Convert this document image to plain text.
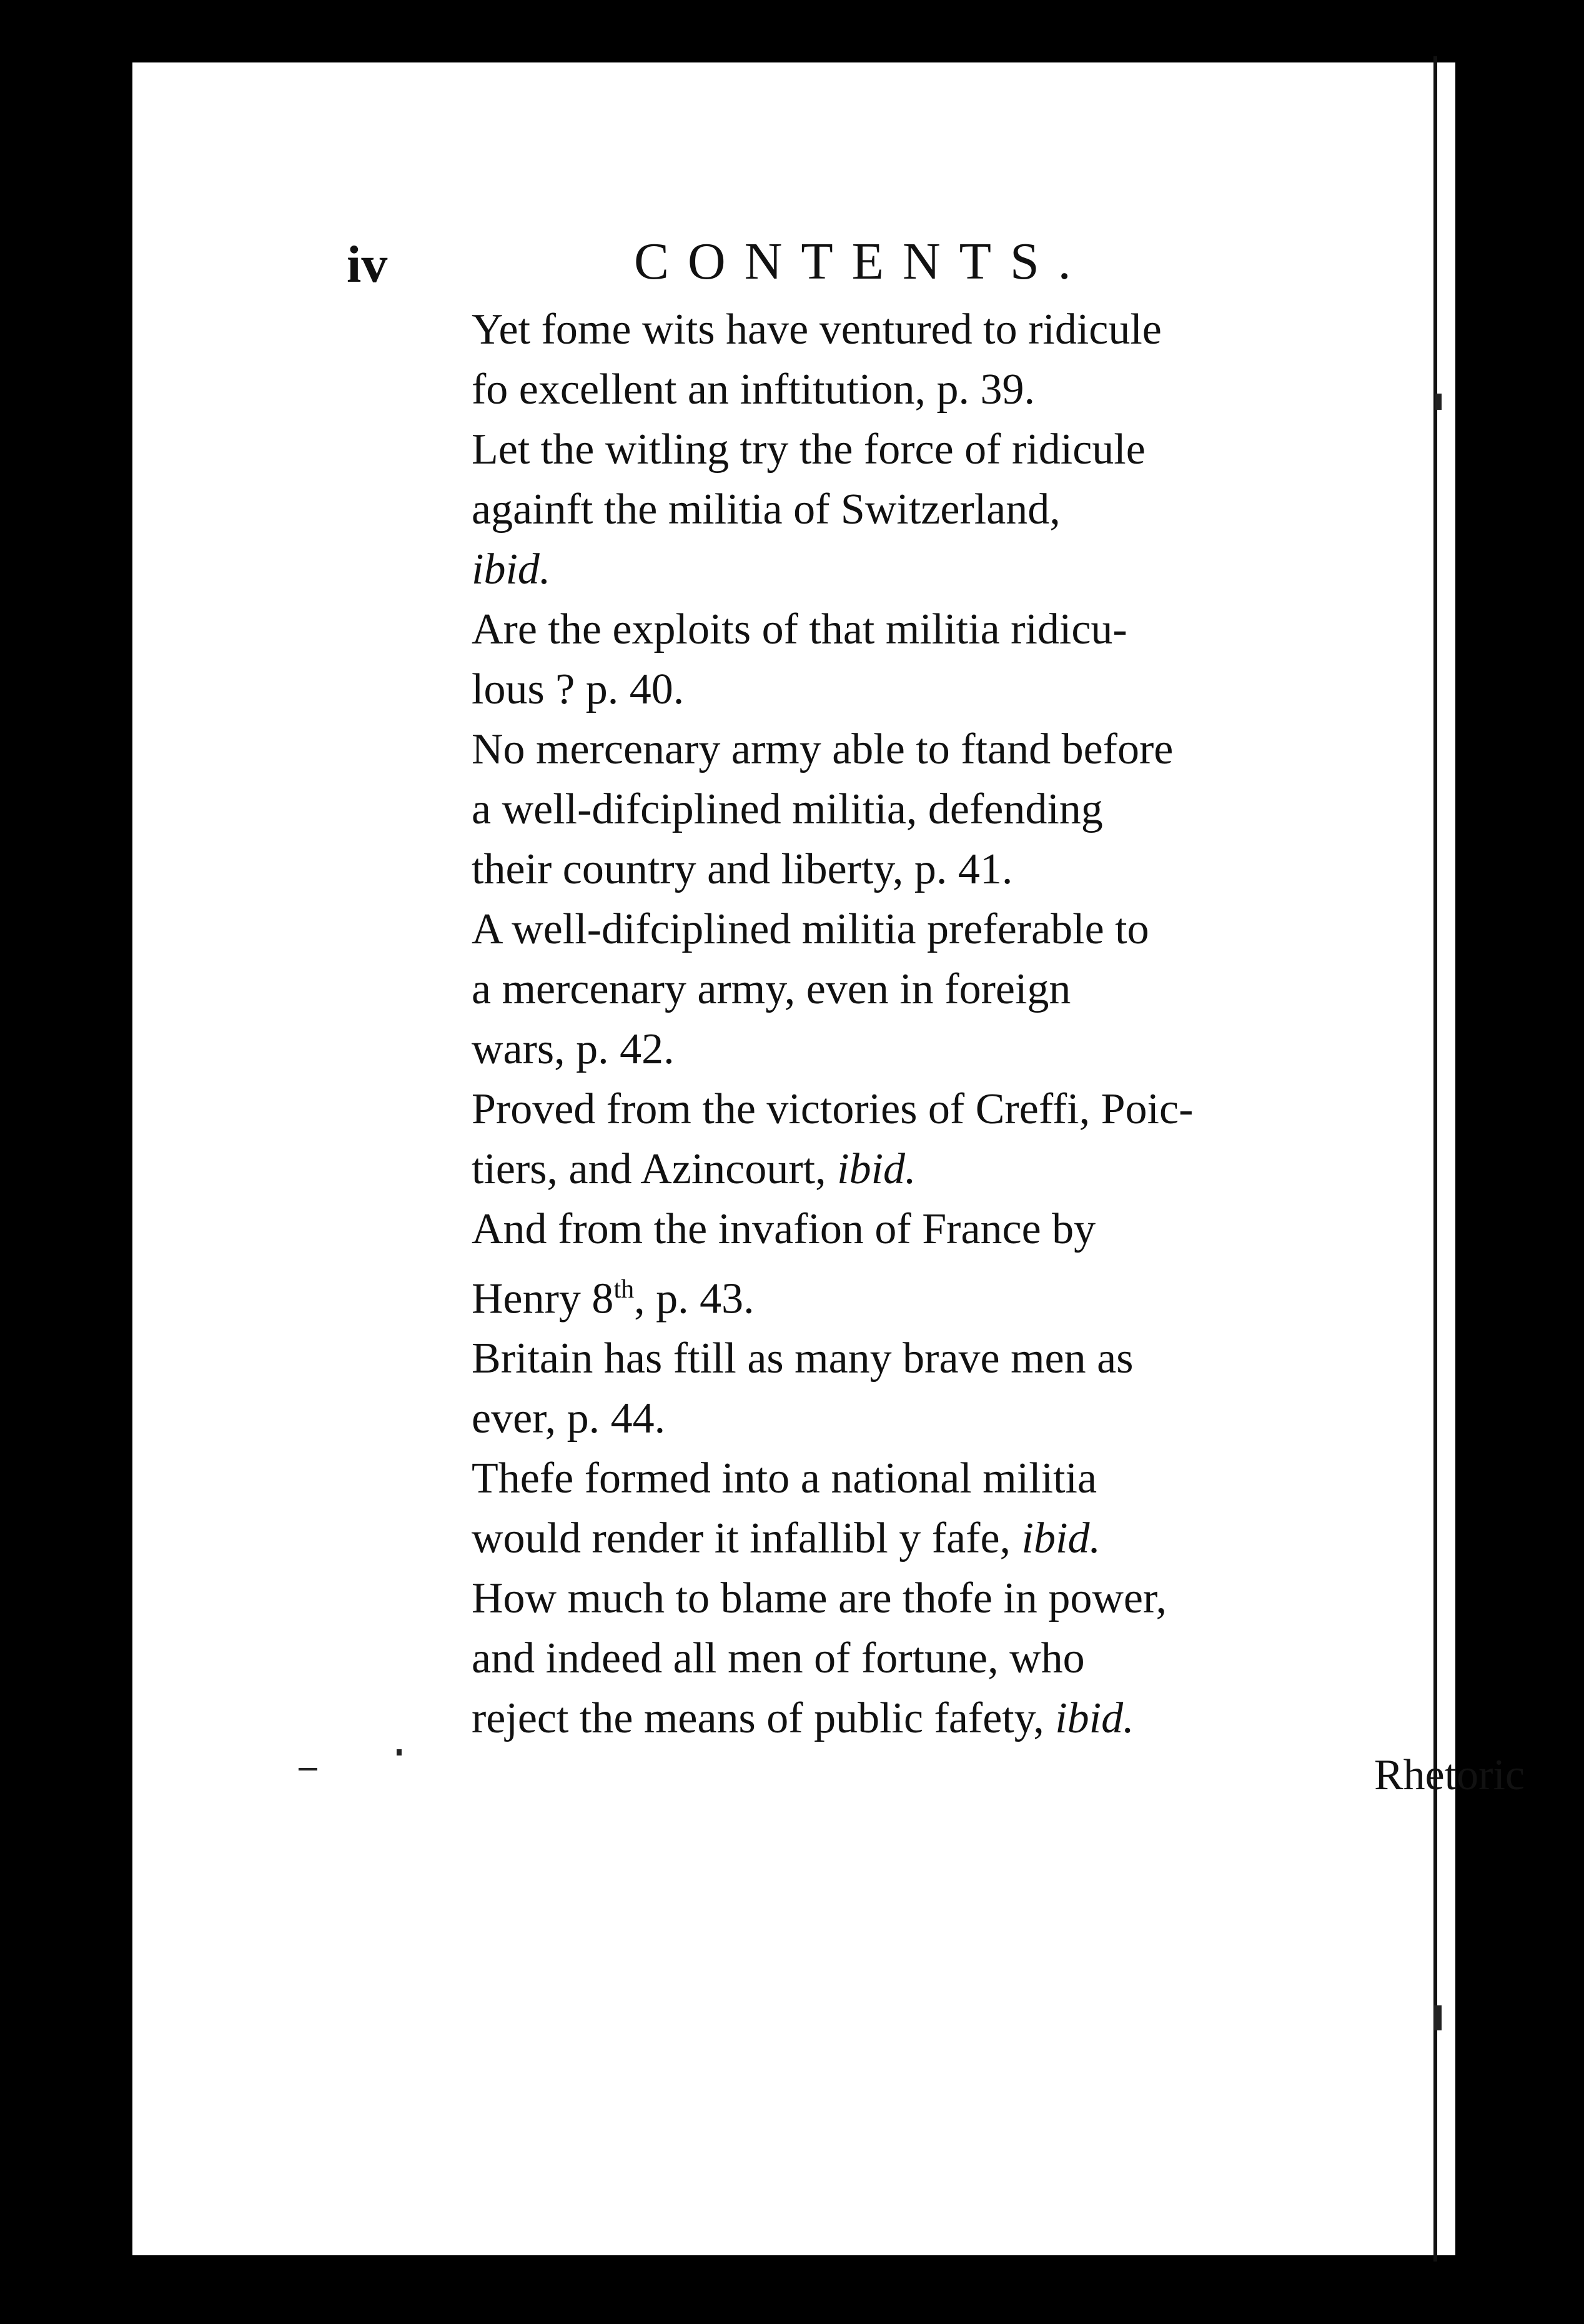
iv	CONTENTS.

Yet fome wits have ventured to ridicule
fo excellent an inftitution, p. 39.

Let the witling try the force of ridicule
againft the militia of Switzerland,
ibid.

Are the exploits of that militia ridicu-
lous ? p. 40.

No mercenary army able to ftand before
a well-difciplined militia, defending
their country and liberty, p. 41.

A well-difciplined militia preferable to
a mercenary army, even in foreign
wars, p. 42.

Proved from the victories of Creffi, Poic-
tiers, and Azincourt, ibid.

And from the invafion of France by
Henry 8th, p. 43.

Britain has ftill as many brave men as
ever, p. 44.

Thefe formed into a national militia
would render it infallibl y fafe, ibid.

How much to blame are thofe in power,
and indeed all men of fortune, who
reject the means of public fafety, ibid.

Rhetoric
